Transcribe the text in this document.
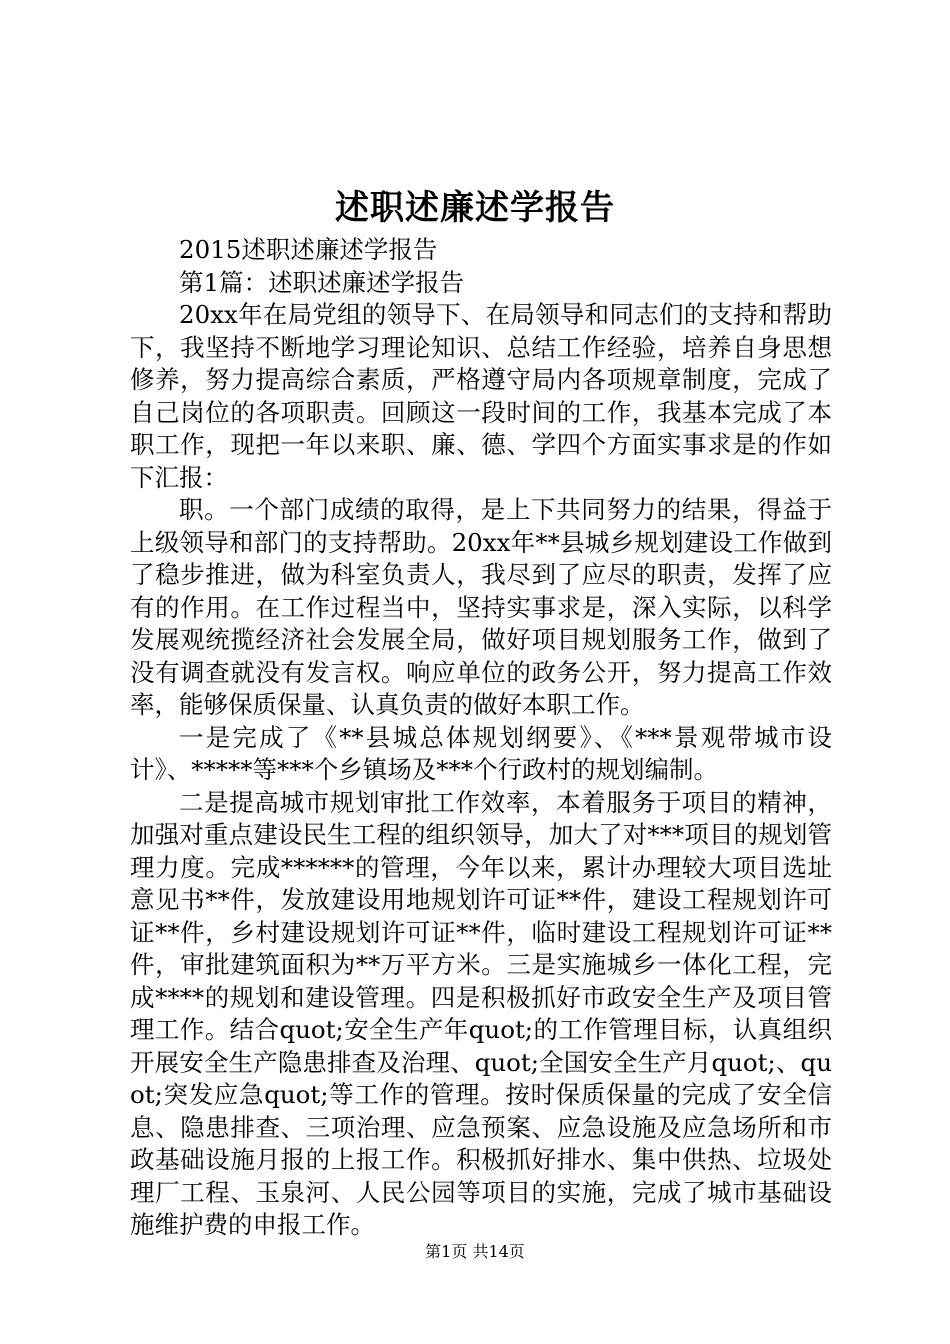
述职述廉述学报告

2015述职述廉述学报告

第1篇：述职述廉述学报告

20xx年在局党组的领导下、在局领导和同志们的支持和帮助下，我坚持不断地学习理论知识、总结工作经验，培养自身思想修养，努力提高综合素质，严格遵守局内各项规章制度，完成了自己岗位的各项职责。回顾这一段时间的工作，我基本完成了本职工作，现把一年以来职、廉、德、学四个方面实事求是的作如下汇报：

职。一个部门成绩的取得，是上下共同努力的结果，得益于上级领导和部门的支持帮助。20xx年**县城乡规划建设工作做到了稳步推进，做为科室负责人，我尽到了应尽的职责，发挥了应有的作用。在工作过程当中，坚持实事求是，深入实际，以科学发展观统揽经济社会发展全局，做好项目规划服务工作，做到了没有调查就没有发言权。响应单位的政务公开，努力提高工作效率，能够保质保量、认真负责的做好本职工作。

一是完成了《**县城总体规划纲要》、《***景观带城市设计》、*****等***个乡镇场及***个行政村的规划编制。

二是提高城市规划审批工作效率，本着服务于项目的精神，加强对重点建设民生工程的组织领导，加大了对***项目的规划管理力度。完成******的管理，今年以来，累计办理较大项目选址意见书**件，发放建设用地规划许可证**件，建设工程规划许可证**件，乡村建设规划许可证**件，临时建设工程规划许可证**件，审批建筑面积为**万平方米。三是实施城乡一体化工程，完成****的规划和建设管理。四是积极抓好市政安全生产及项目管理工作。结合quot;安全生产年quot;的工作管理目标，认真组织开展安全生产隐患排查及治理、quot;全国安全生产月quot;、quot;突发应急quot;等工作的管理。按时保质保量的完成了安全信息、隐患排查、三项治理、应急预案、应急设施及应急场所和市政基础设施月报的上报工作。积极抓好排水、集中供热、垃圾处理厂工程、玉泉河、人民公园等项目的实施，完成了城市基础设施维护费的申报工作。

第1页 共14页
